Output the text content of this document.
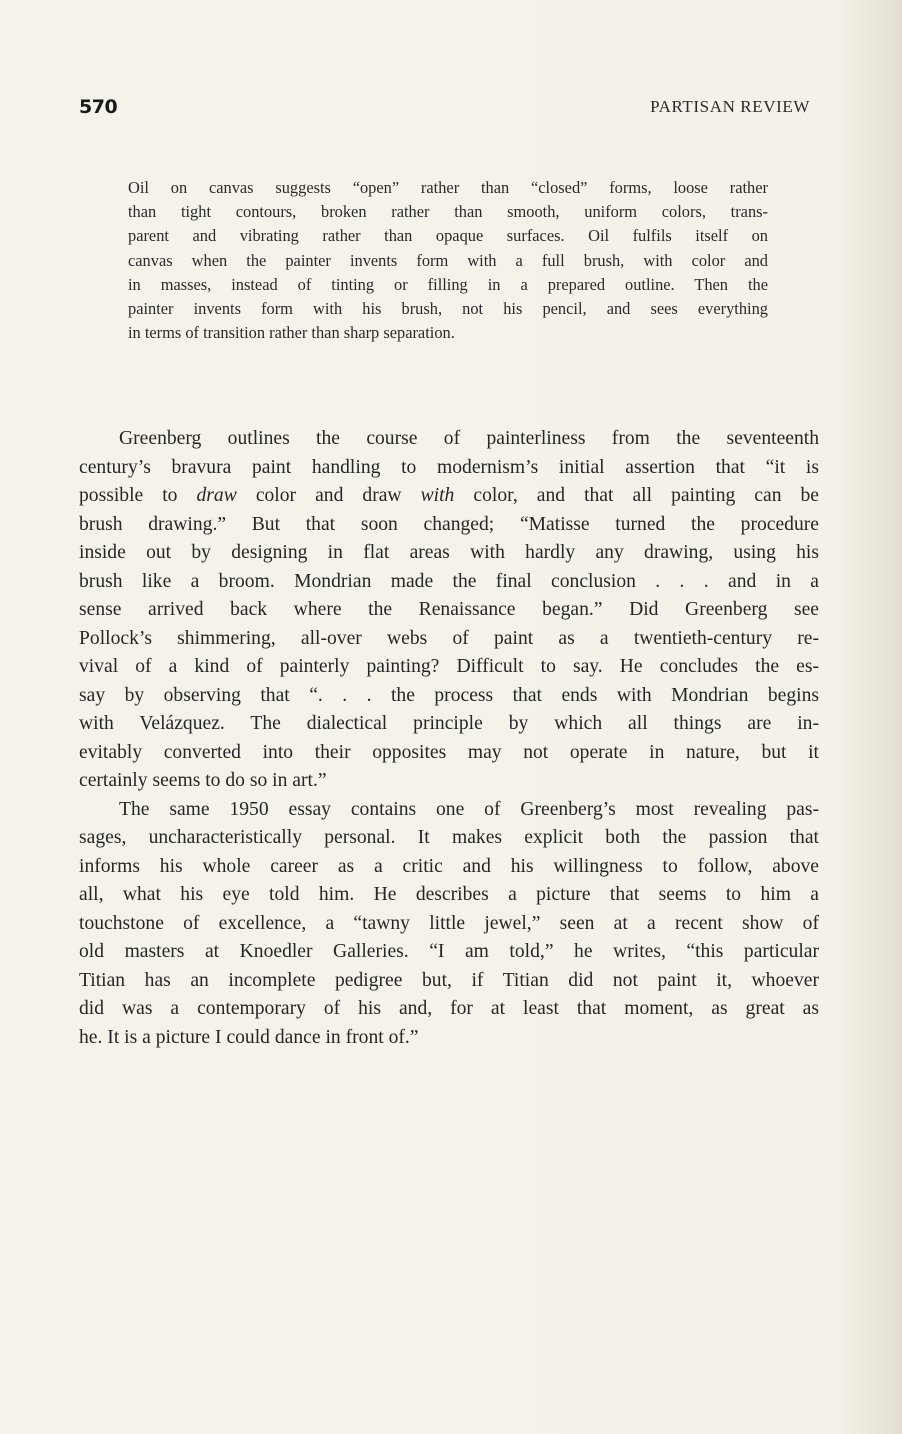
570	PARTISAN REVIEW
Oil on canvas suggests “open” rather than “closed” forms, loose rather
than tight contours, broken rather than smooth, uniform colors, trans-
parent and vibrating rather than opaque surfaces. Oil fulfils itself on
canvas when the painter invents form with a full brush, with color and
in masses, instead of tinting or filling in a prepared outline. Then the
painter invents form with his brush, not his pencil, and sees everything
in terms of transition rather than sharp separation.

Greenberg outlines the course of painterliness from the seventeenth
century’s bravura paint handling to modernism’s initial assertion that “it is
possible to draw color and draw with color, and that all painting can be
brush drawing.” But that soon changed; “Matisse turned the procedure
inside out by designing in flat areas with hardly any drawing, using his
brush like a broom. Mondrian made the final conclusion . . . and in a
sense arrived back where the Renaissance began.” Did Greenberg see
Pollock’s shimmering, all-over webs of paint as a twentieth-century re-
vival of a kind of painterly painting? Difficult to say. He concludes the es-
say by observing that “. . . the process that ends with Mondrian begins
with Velázquez. The dialectical principle by which all things are in-
evitably converted into their opposites may not operate in nature, but it
certainly seems to do so in art.”

The same 1950 essay contains one of Greenberg’s most revealing pas-
sages, uncharacteristically personal. It makes explicit both the passion that
informs his whole career as a critic and his willingness to follow, above
all, what his eye told him. He describes a picture that seems to him a
touchstone of excellence, a “tawny little jewel,” seen at a recent show of
old masters at Knoedler Galleries. “I am told,” he writes, “this particular
Titian has an incomplete pedigree but, if Titian did not paint it, whoever
did was a contemporary of his and, for at least that moment, as great as
he. It is a picture I could dance in front of.”
